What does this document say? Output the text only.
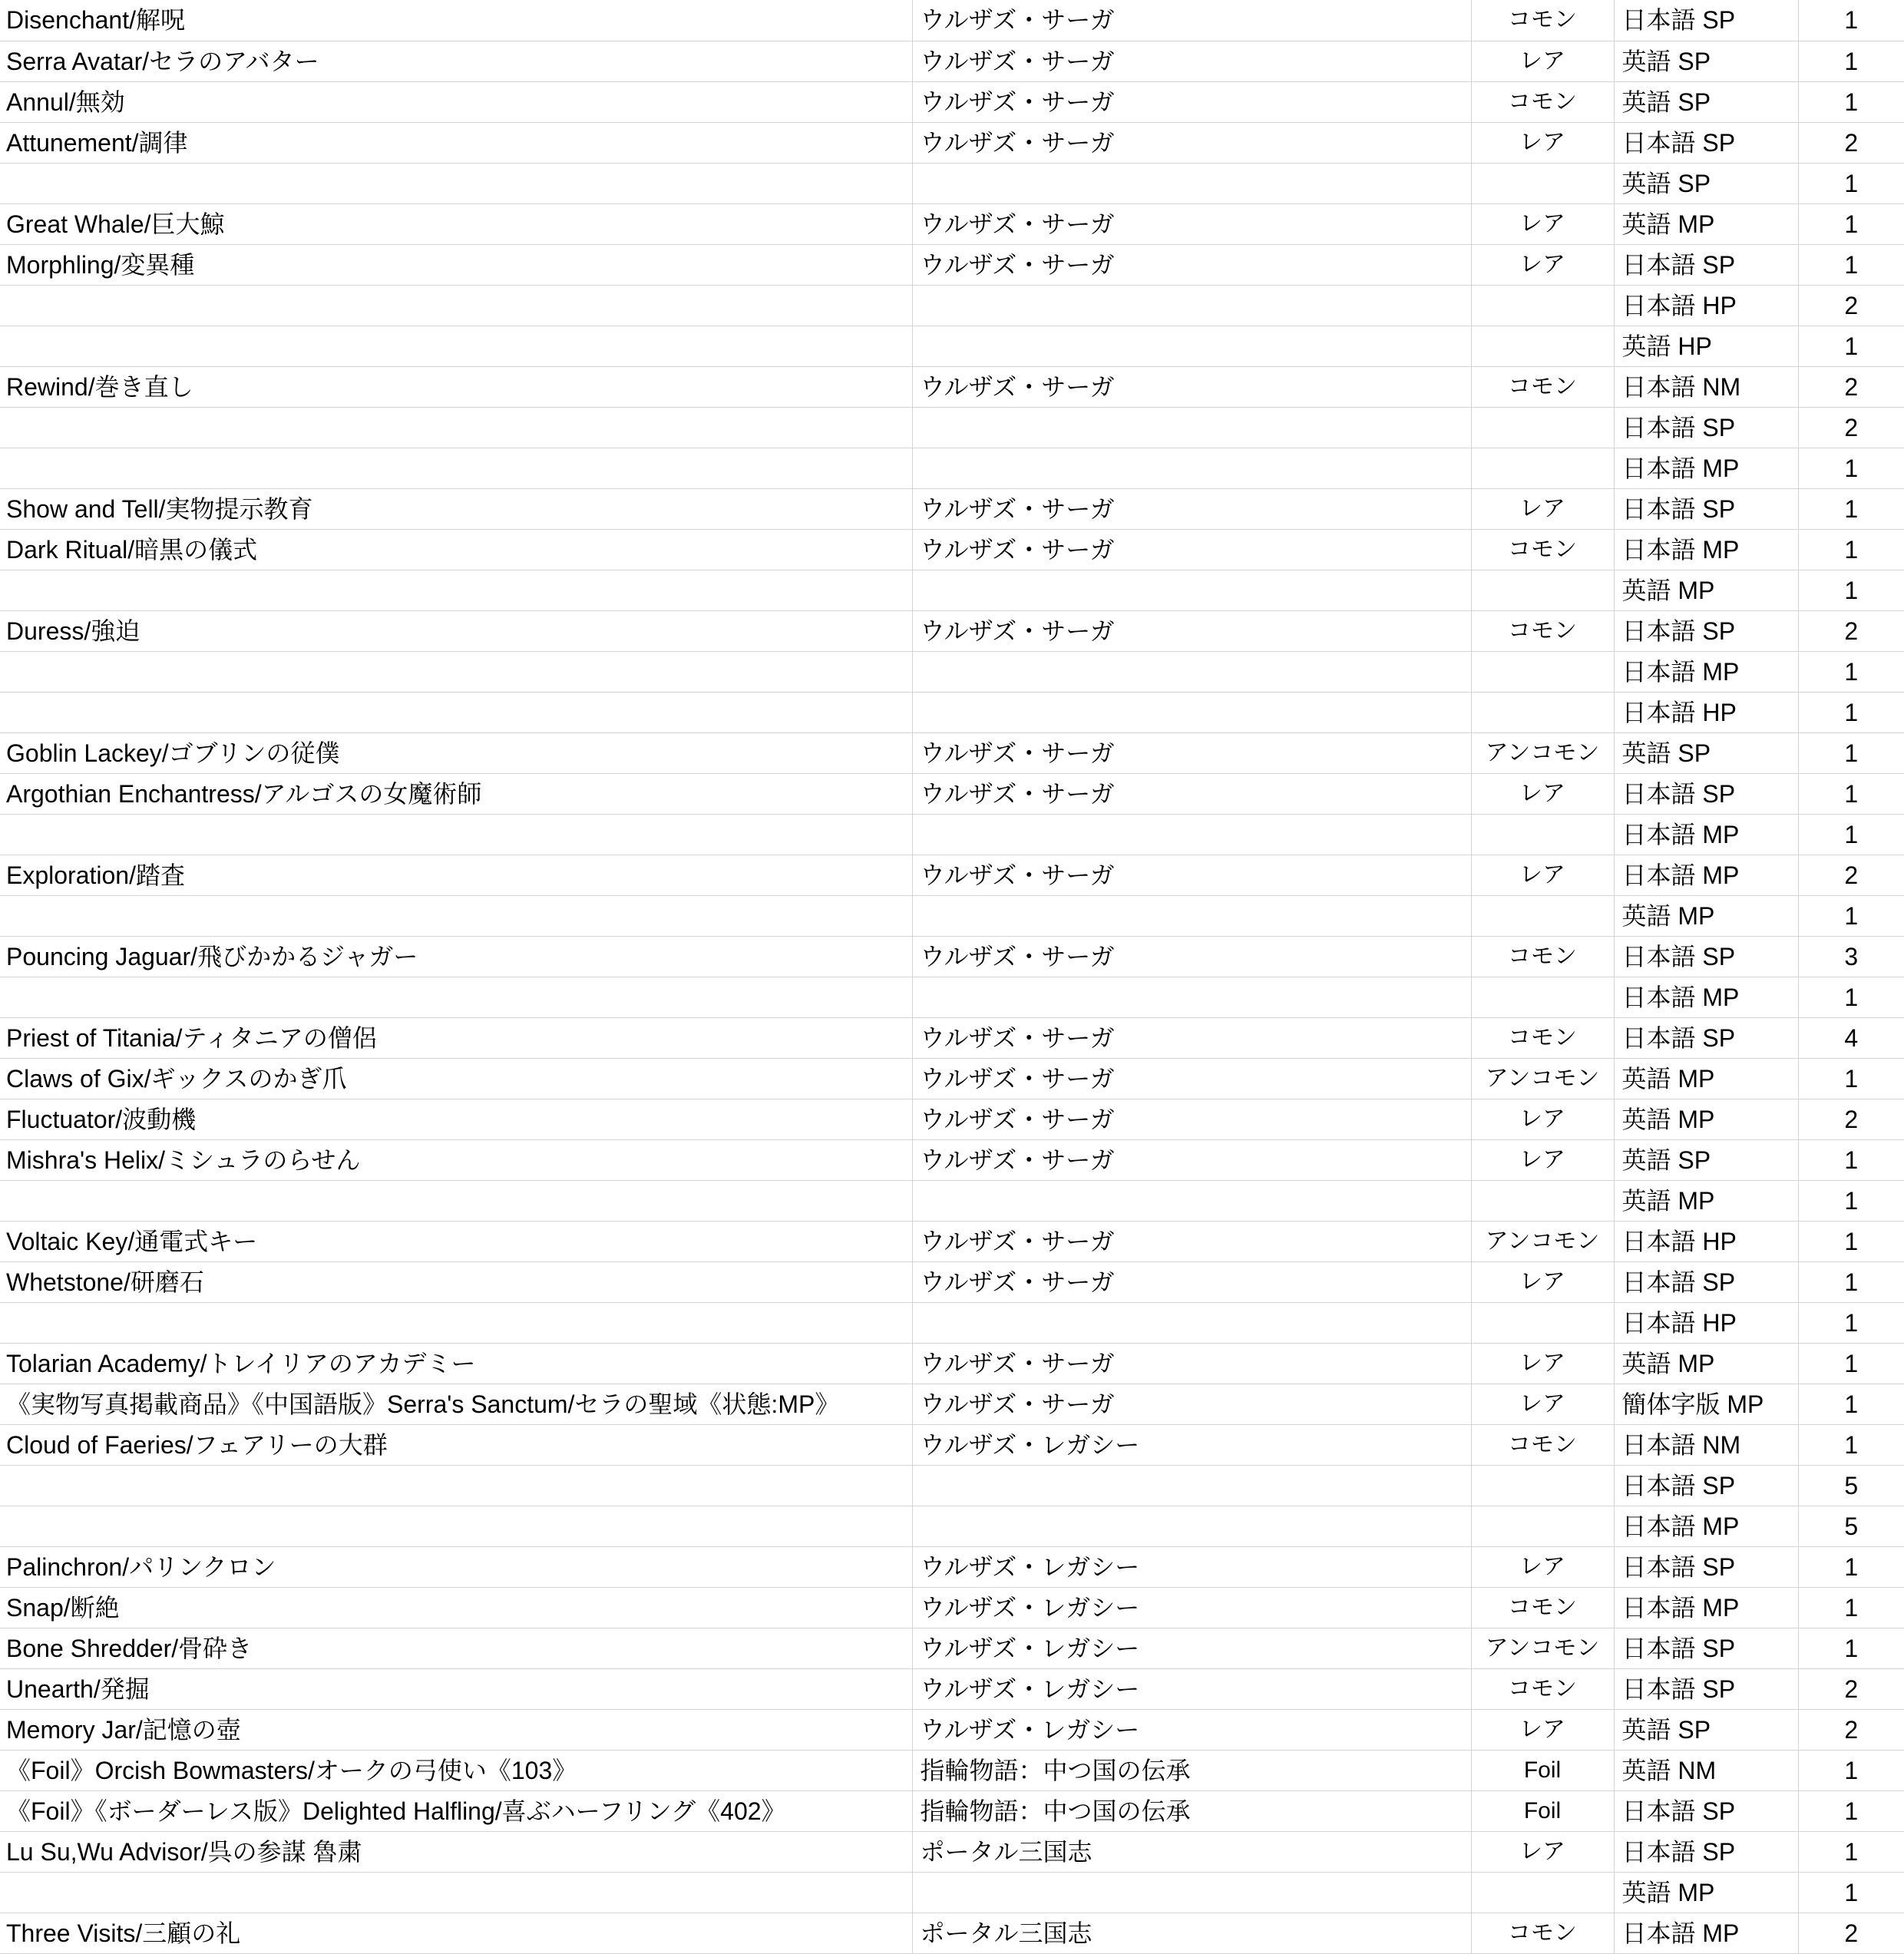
Disenchant/解呪	ウルザズ・サーガ	コモン	日本語 SP	1
Serra Avatar/セラのアバター	ウルザズ・サーガ	レア	英語 SP	1
Annul/無効	ウルザズ・サーガ	コモン	英語 SP	1
Attunement/調律	ウルザズ・サーガ	レア	日本語 SP	2
			英語 SP	1
Great Whale/巨大鯨	ウルザズ・サーガ	レア	英語 MP	1
Morphling/変異種	ウルザズ・サーガ	レア	日本語 SP	1
			日本語 HP	2
			英語 HP	1
Rewind/巻き直し	ウルザズ・サーガ	コモン	日本語 NM	2
			日本語 SP	2
			日本語 MP	1
Show and Tell/実物提示教育	ウルザズ・サーガ	レア	日本語 SP	1
Dark Ritual/暗黒の儀式	ウルザズ・サーガ	コモン	日本語 MP	1
			英語 MP	1
Duress/強迫	ウルザズ・サーガ	コモン	日本語 SP	2
			日本語 MP	1
			日本語 HP	1
Goblin Lackey/ゴブリンの従僕	ウルザズ・サーガ	アンコモン	英語 SP	1
Argothian Enchantress/アルゴスの女魔術師	ウルザズ・サーガ	レア	日本語 SP	1
			日本語 MP	1
Exploration/踏査	ウルザズ・サーガ	レア	日本語 MP	2
			英語 MP	1
Pouncing Jaguar/飛びかかるジャガー	ウルザズ・サーガ	コモン	日本語 SP	3
			日本語 MP	1
Priest of Titania/ティタニアの僧侶	ウルザズ・サーガ	コモン	日本語 SP	4
Claws of Gix/ギックスのかぎ爪	ウルザズ・サーガ	アンコモン	英語 MP	1
Fluctuator/波動機	ウルザズ・サーガ	レア	英語 MP	2
Mishra's Helix/ミシュラのらせん	ウルザズ・サーガ	レア	英語 SP	1
			英語 MP	1
Voltaic Key/通電式キー	ウルザズ・サーガ	アンコモン	日本語 HP	1
Whetstone/研磨石	ウルザズ・サーガ	レア	日本語 SP	1
			日本語 HP	1
Tolarian Academy/トレイリアのアカデミー	ウルザズ・サーガ	レア	英語 MP	1
《実物写真掲載商品》《中国語版》Serra's Sanctum/セラの聖域《状態:MP》	ウルザズ・サーガ	レア	簡体字版 MP	1
Cloud of Faeries/フェアリーの大群	ウルザズ・レガシー	コモン	日本語 NM	1
			日本語 SP	5
			日本語 MP	5
Palinchron/パリンクロン	ウルザズ・レガシー	レア	日本語 SP	1
Snap/断絶	ウルザズ・レガシー	コモン	日本語 MP	1
Bone Shredder/骨砕き	ウルザズ・レガシー	アンコモン	日本語 SP	1
Unearth/発掘	ウルザズ・レガシー	コモン	日本語 SP	2
Memory Jar/記憶の壺	ウルザズ・レガシー	レア	英語 SP	2
《Foil》Orcish Bowmasters/オークの弓使い《103》	指輪物語：中つ国の伝承	Foil	英語 NM	1
《Foil》《ボーダーレス版》Delighted Halfling/喜ぶハーフリング《402》	指輪物語：中つ国の伝承	Foil	日本語 SP	1
Lu Su,Wu Advisor/呉の参謀 魯粛	ポータル三国志	レア	日本語 SP	1
			英語 MP	1
Three Visits/三顧の礼	ポータル三国志	コモン	日本語 MP	2
